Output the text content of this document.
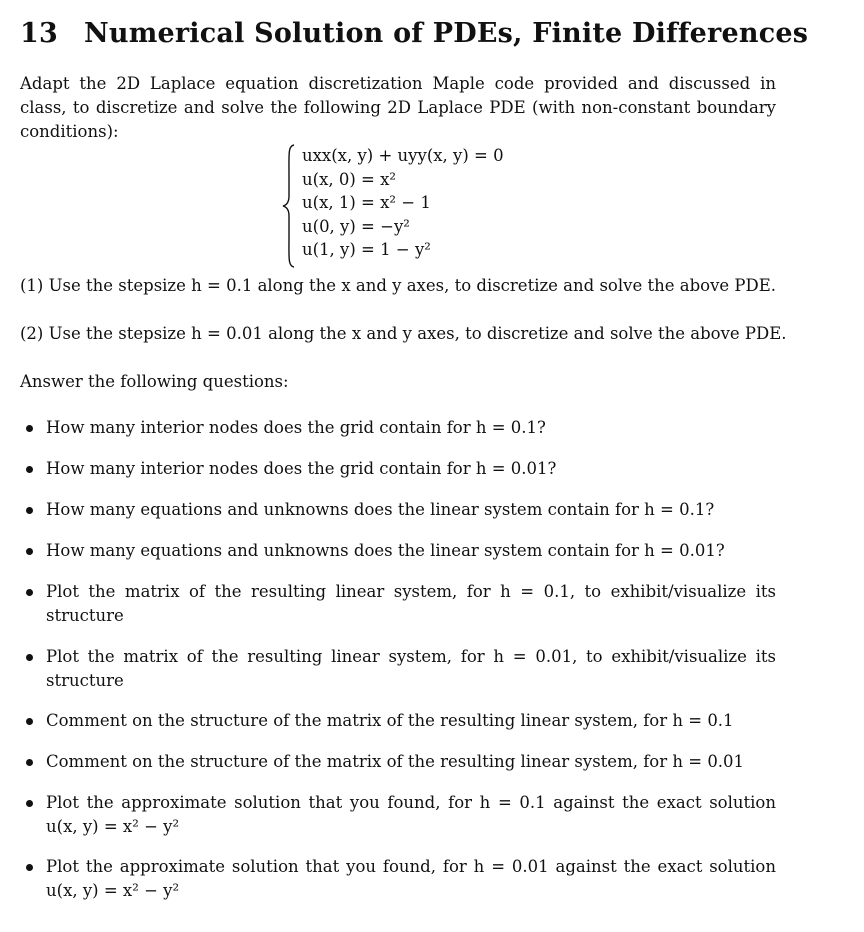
13 Numerical Solution of PDEs, Finite Differences
Adapt the 2D Laplace equation discretization Maple code provided and discussed in class, to discretize and solve the following 2D Laplace PDE (with non-constant boundary conditions):
uxx(x, y) + uyy(x, y) = 0
u(x, 0) = x²
u(x, 1) = x² − 1
u(0, y) = −y²
u(1, y) = 1 − y²
(1) Use the stepsize h = 0.1 along the x and y axes, to discretize and solve the above PDE.
(2) Use the stepsize h = 0.01 along the x and y axes, to discretize and solve the above PDE.
Answer the following questions:
How many interior nodes does the grid contain for h = 0.1?
How many interior nodes does the grid contain for h = 0.01?
How many equations and unknowns does the linear system contain for h = 0.1?
How many equations and unknowns does the linear system contain for h = 0.01?
Plot the matrix of the resulting linear system, for h = 0.1, to exhibit/visualize its structure
Plot the matrix of the resulting linear system, for h = 0.01, to exhibit/visualize its structure
Comment on the structure of the matrix of the resulting linear system, for h = 0.1
Comment on the structure of the matrix of the resulting linear system, for h = 0.01
Plot the approximate solution that you found, for h = 0.1 against the exact solution u(x, y) = x² − y²
Plot the approximate solution that you found, for h = 0.01 against the exact solution u(x, y) = x² − y²
